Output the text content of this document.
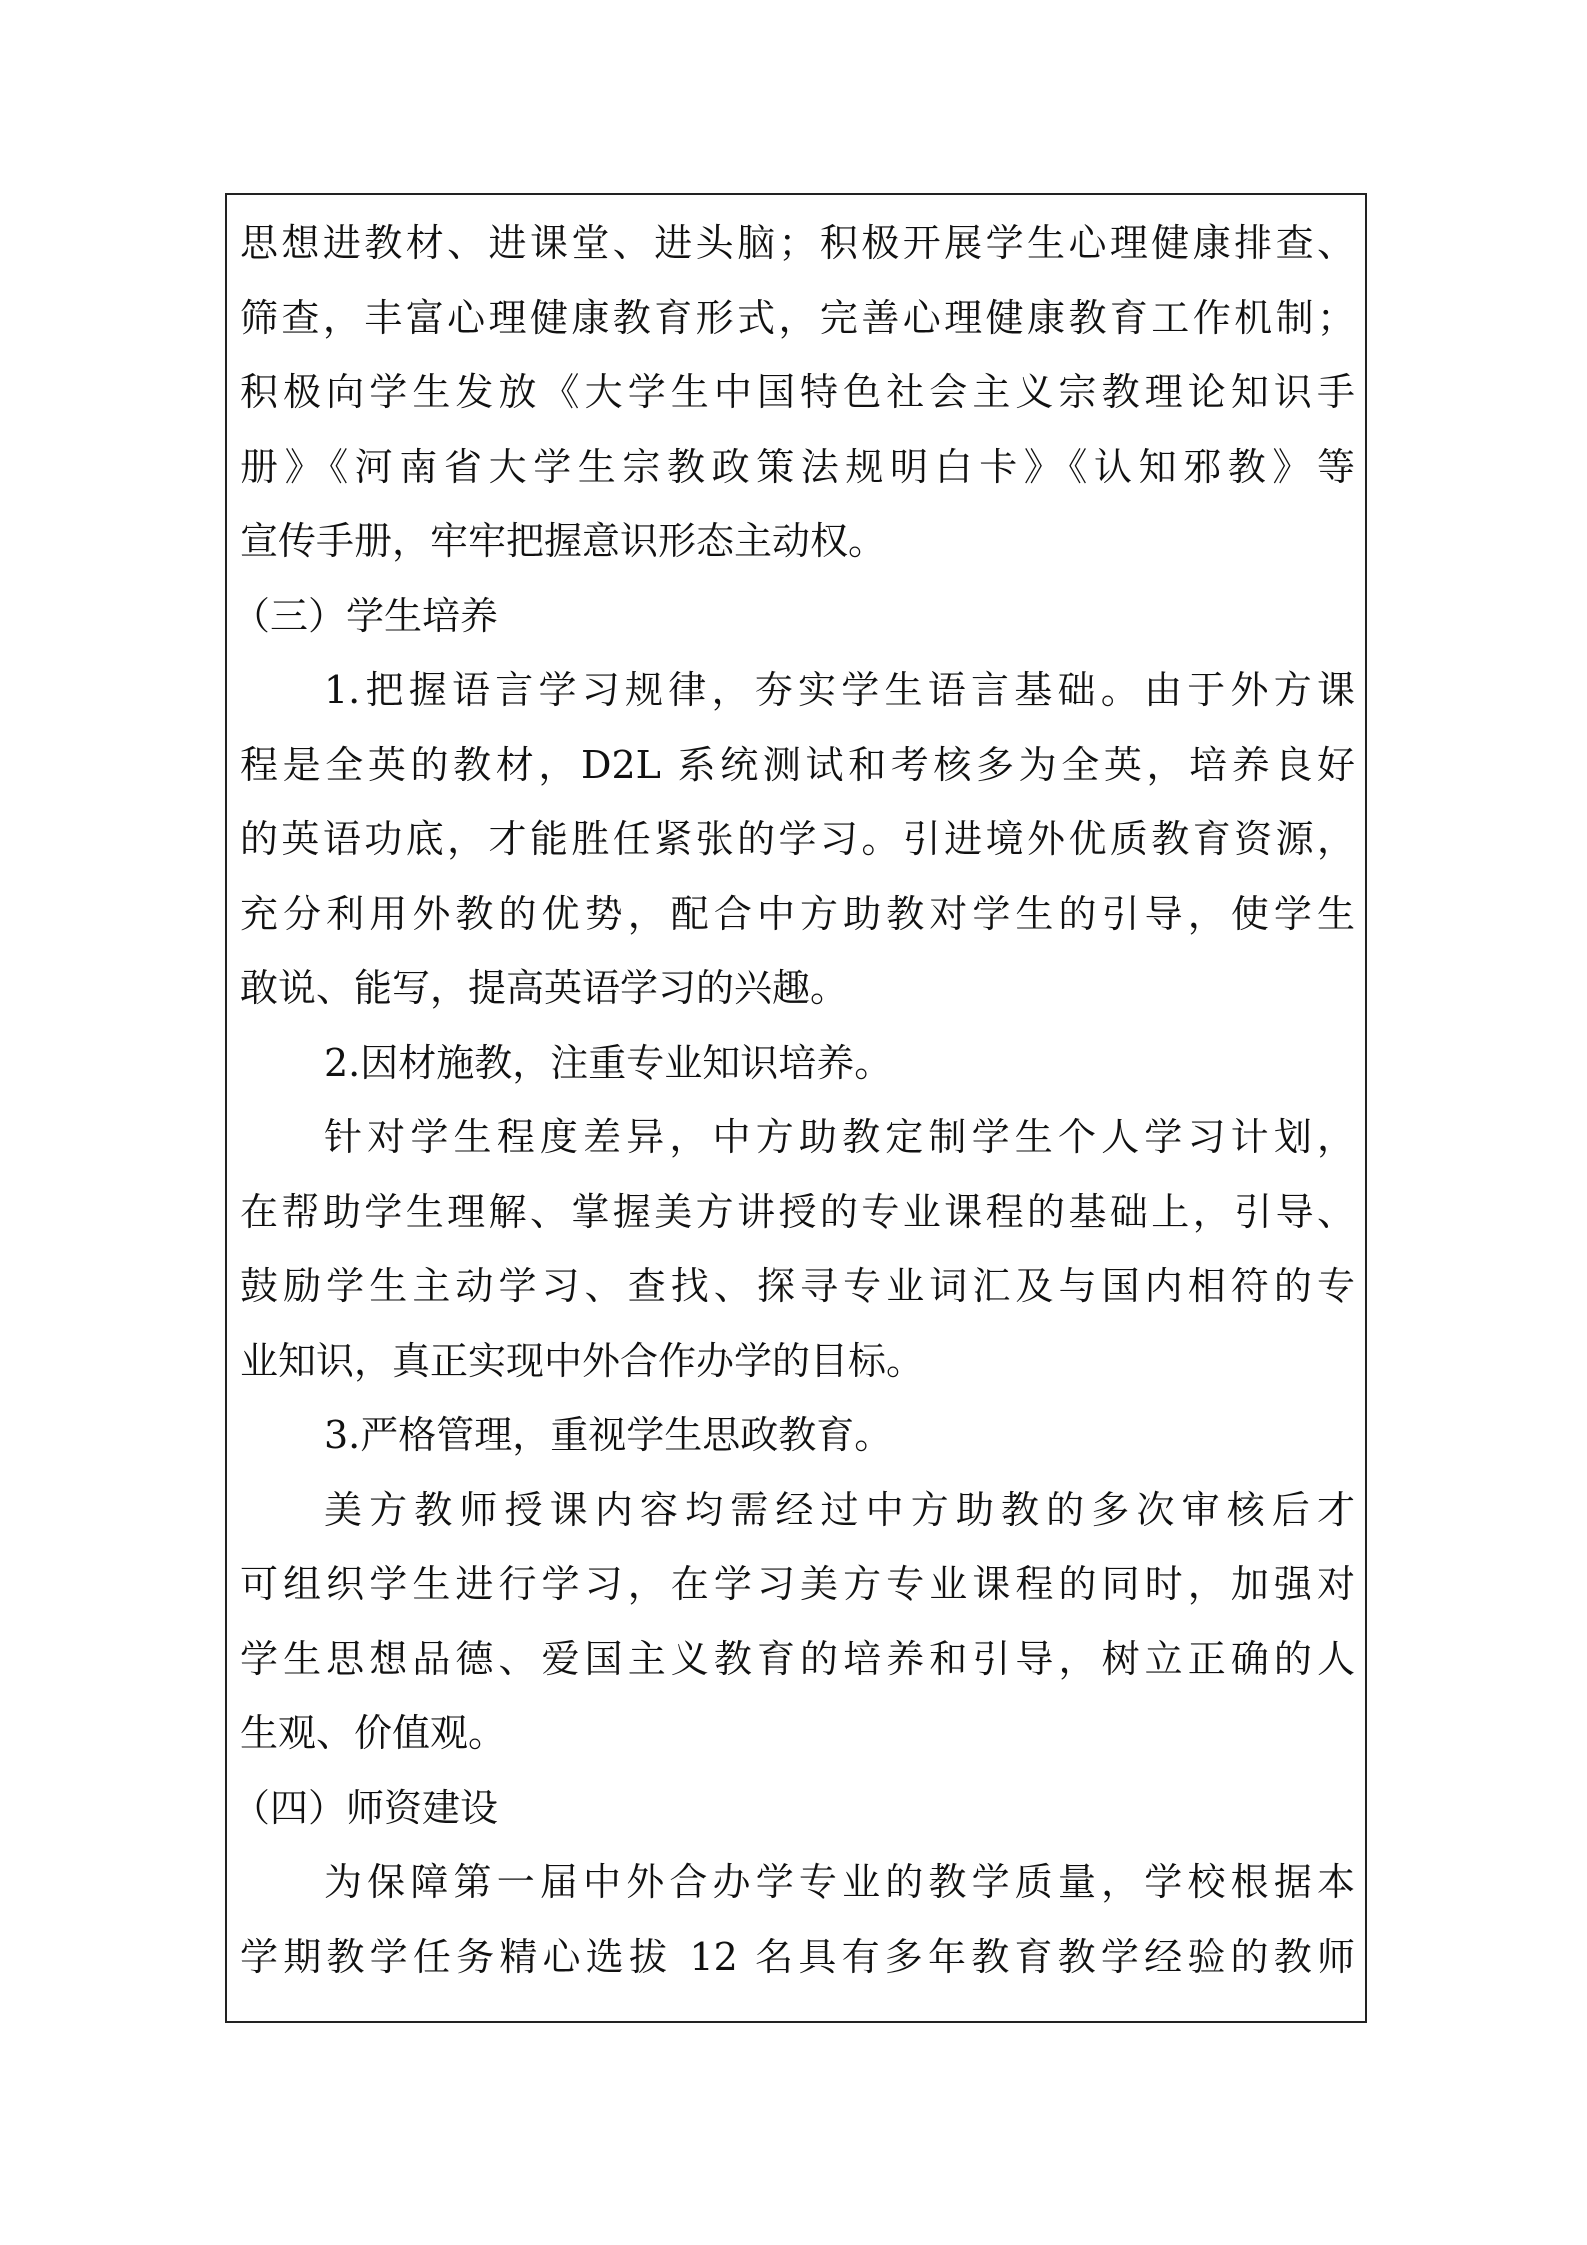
思想进教材、进课堂、进头脑；积极开展学生心理健康排查、
筛查，丰富心理健康教育形式，完善心理健康教育工作机制；
积极向学生发放《大学生中国特色社会主义宗教理论知识手
册》《河南省大学生宗教政策法规明白卡》《认知邪教》等
宣传手册，牢牢把握意识形态主动权。
（三）学生培养
1.把握语言学习规律，夯实学生语言基础。由于外方课
程是全英的教材，D2L 系统测试和考核多为全英，培养良好
的英语功底，才能胜任紧张的学习。引进境外优质教育资源，
充分利用外教的优势，配合中方助教对学生的引导，使学生
敢说、能写，提高英语学习的兴趣。
2.因材施教，注重专业知识培养。
针对学生程度差异，中方助教定制学生个人学习计划，
在帮助学生理解、掌握美方讲授的专业课程的基础上，引导、
鼓励学生主动学习、查找、探寻专业词汇及与国内相符的专
业知识，真正实现中外合作办学的目标。
3.严格管理，重视学生思政教育。
美方教师授课内容均需经过中方助教的多次审核后才
可组织学生进行学习，在学习美方专业课程的同时，加强对
学生思想品德、爱国主义教育的培养和引导，树立正确的人
生观、价值观。
（四）师资建设
为保障第一届中外合办学专业的教学质量，学校根据本
学期教学任务精心选拔 12 名具有多年教育教学经验的教师
